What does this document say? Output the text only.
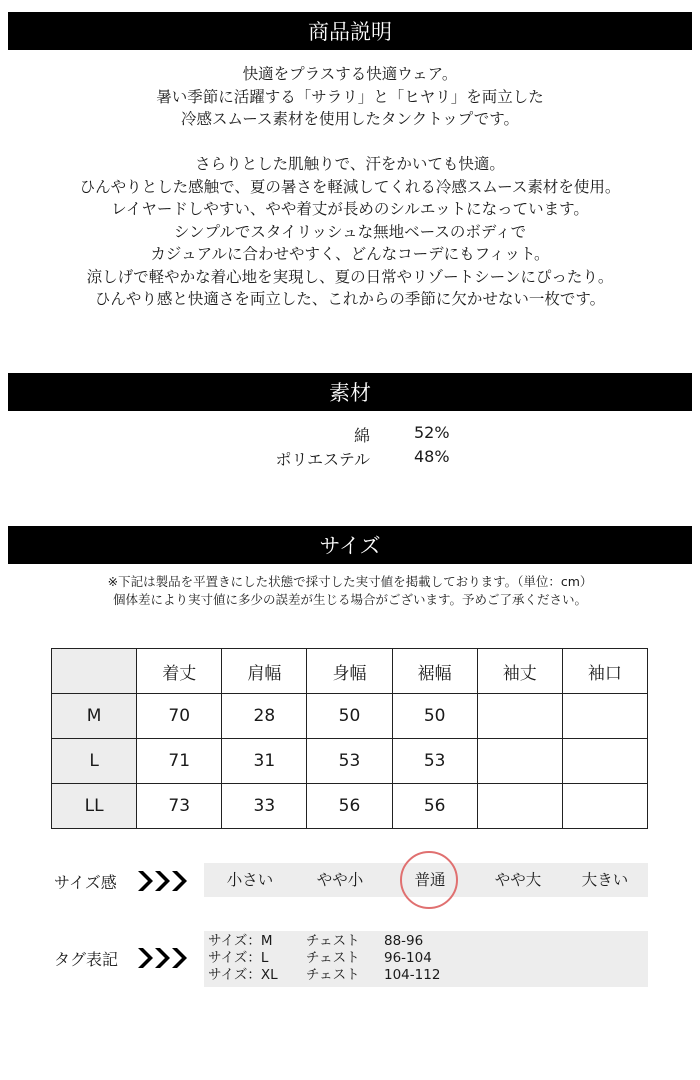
商品説明
快適をプラスする快適ウェア。
暑い季節に活躍する「サラリ」と「ヒヤリ」を両立した
冷感スムース素材を使用したタンクトップです。
さらりとした肌触りで、汗をかいても快適。
ひんやりとした感触で、夏の暑さを軽減してくれる冷感スムース素材を使用。
レイヤードしやすい、やや着丈が長めのシルエットになっています。
シンプルでスタイリッシュな無地ベースのボディで
カジュアルに合わせやすく、どんなコーデにもフィット。
涼しげで軽やかな着心地を実現し、夏の日常やリゾートシーンにぴったり。
ひんやり感と快適さを両立した、これからの季節に欠かせない一枚です。
素材
綿	52%
ポリエステル	48%
サイズ
※下記は製品を平置きにした状態で採寸した実寸値を掲載しております。（単位：cm）
個体差により実寸値に多少の誤差が生じる場合がございます。予めご了承ください。
	着丈	肩幅	身幅	裾幅	袖丈	袖口
M	70	28	50	50		
L	71	31	53	53		
LL	73	33	56	56		
サイズ感	小さい	やや小	普通	やや大	大きい
タグ表記
サイズ：M チェスト 88-96
サイズ：L	チェスト 96-104
サイズ：XL チェスト 104-112
